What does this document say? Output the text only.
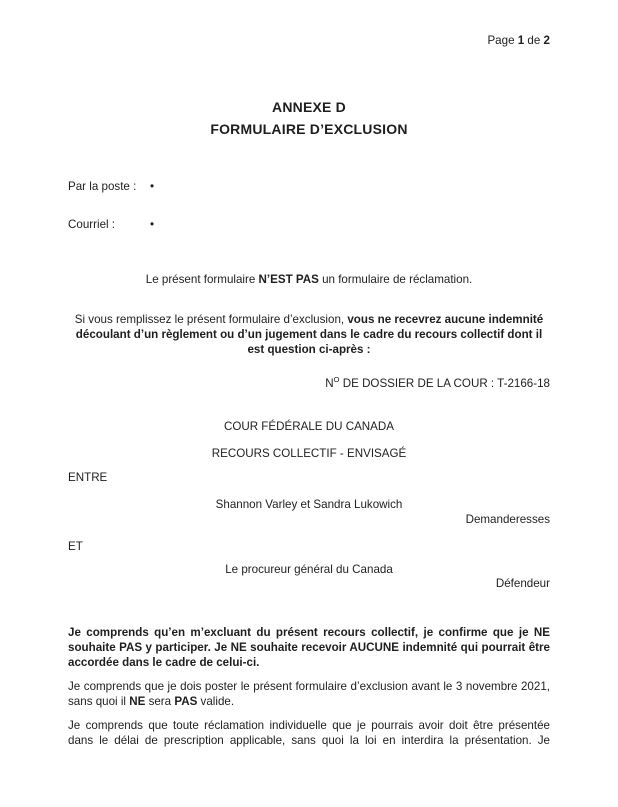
Page 1 de 2
ANNEXE D
FORMULAIRE D’EXCLUSION
Par la poste : •
Courriel :	•
Le présent formulaire N’EST PAS un formulaire de réclamation.
Si vous remplissez le présent formulaire d’exclusion, vous ne recevrez aucune indemnité découlant d’un règlement ou d’un jugement dans le cadre du recours collectif dont il est question ci-après :
$N^O$ DE DOSSIER DE LA COUR : T-2166-18
COUR FÉDÉRALE DU CANADA
RECOURS COLLECTIF - ENVISAGÉ
ENTRE
Shannon Varley et Sandra Lukowich
Demanderesses
ET
Le procureur général du Canada
Défendeur
Je comprends qu’en m’excluant du présent recours collectif, je confirme que je NE souhaite PAS y participer. Je NE souhaite recevoir AUCUNE indemnité qui pourrait être accordée dans le cadre de celui-ci.
Je comprends que je dois poster le présent formulaire d’exclusion avant le 3 novembre 2021, sans quoi il NE sera PAS valide.
Je comprends que toute réclamation individuelle que je pourrais avoir doit être présentée dans le délai de prescription applicable, sans quoi la loi en interdira la présentation. Je
